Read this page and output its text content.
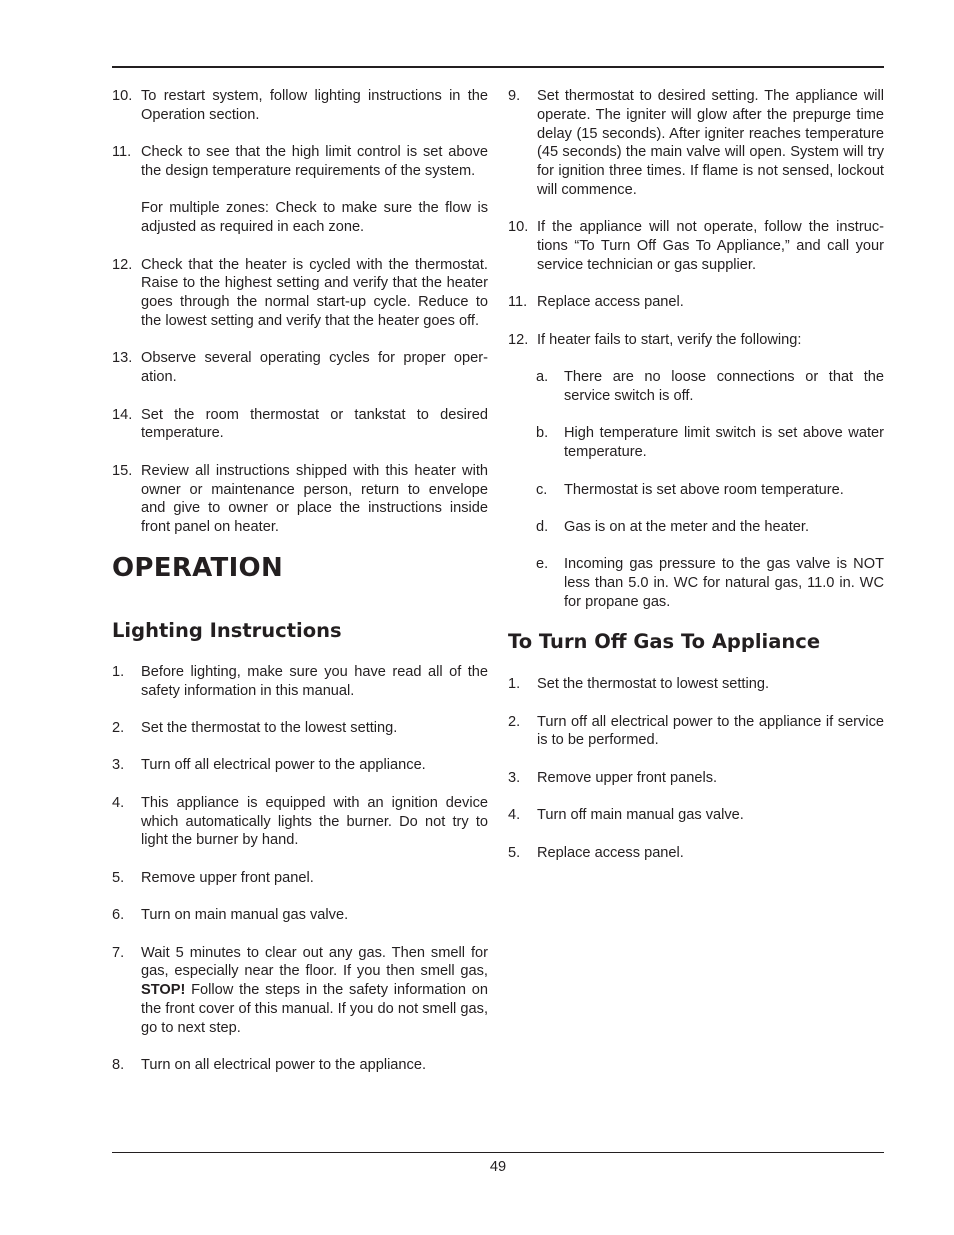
10. To restart system, follow lighting instructions in the Operation section.

11. Check to see that the high limit control is set above the design temperature requirements of the system.

For multiple zones: Check to make sure the flow is adjusted as required in each zone.

12. Check that the heater is cycled with the thermostat. Raise to the highest setting and verify that the heater goes through the normal start-up cycle. Reduce to the lowest setting and verify that the heater goes off.

13. Observe several operating cycles for proper operation.

14. Set the room thermostat or tankstat to desired temperature.

15. Review all instructions shipped with this heater with owner or maintenance person, return to envelope and give to owner or place the instructions inside front panel on heater.

OPERATION
Lighting Instructions
1.	Before lighting, make sure you have read all of the safety information in this manual.
2.	Set the thermostat to the lowest setting.
3.	Turn off all electrical power to the appliance.
4.	This appliance is equipped with an ignition device which automatically lights the burner. Do not try to light the burner by hand.
5.	Remove upper front panel.
6.	Turn on main manual gas valve.
7.	Wait 5 minutes to clear out any gas. Then smell for gas, especially near the floor. If you then smell gas, STOP! Follow the steps in the safety information on the front cover of this manual. If you do not smell gas, go to next step.
8.	Turn on all electrical power to the appliance.
9.	Set thermostat to desired setting. The appliance will operate. The igniter will glow after the prepurge time delay (15 seconds). After igniter reaches temperature (45 seconds) the main valve will open. System will try for ignition three times. If flame is not sensed, lockout will commence.
10. If the appliance will not operate, follow the instructions “To Turn Off Gas To Appliance,” and call your service technician or gas supplier.
11. Replace access panel.
12. If heater fails to start, verify the following:
a.	There are no loose connections or that the service switch is off.
b.	High temperature limit switch is set above water temperature.
c.	Thermostat is set above room temperature.
d.	Gas is on at the meter and the heater.
e.	Incoming gas pressure to the gas valve is NOT less than 5.0 in. WC for natural gas, 11.0 in. WC for propane gas.
To Turn Off Gas To Appliance
1.	Set the thermostat to lowest setting.
2.	Turn off all electrical power to the appliance if service is to be performed.
3.	Remove upper front panels.
4.	Turn off main manual gas valve.
5.	Replace access panel.
49
